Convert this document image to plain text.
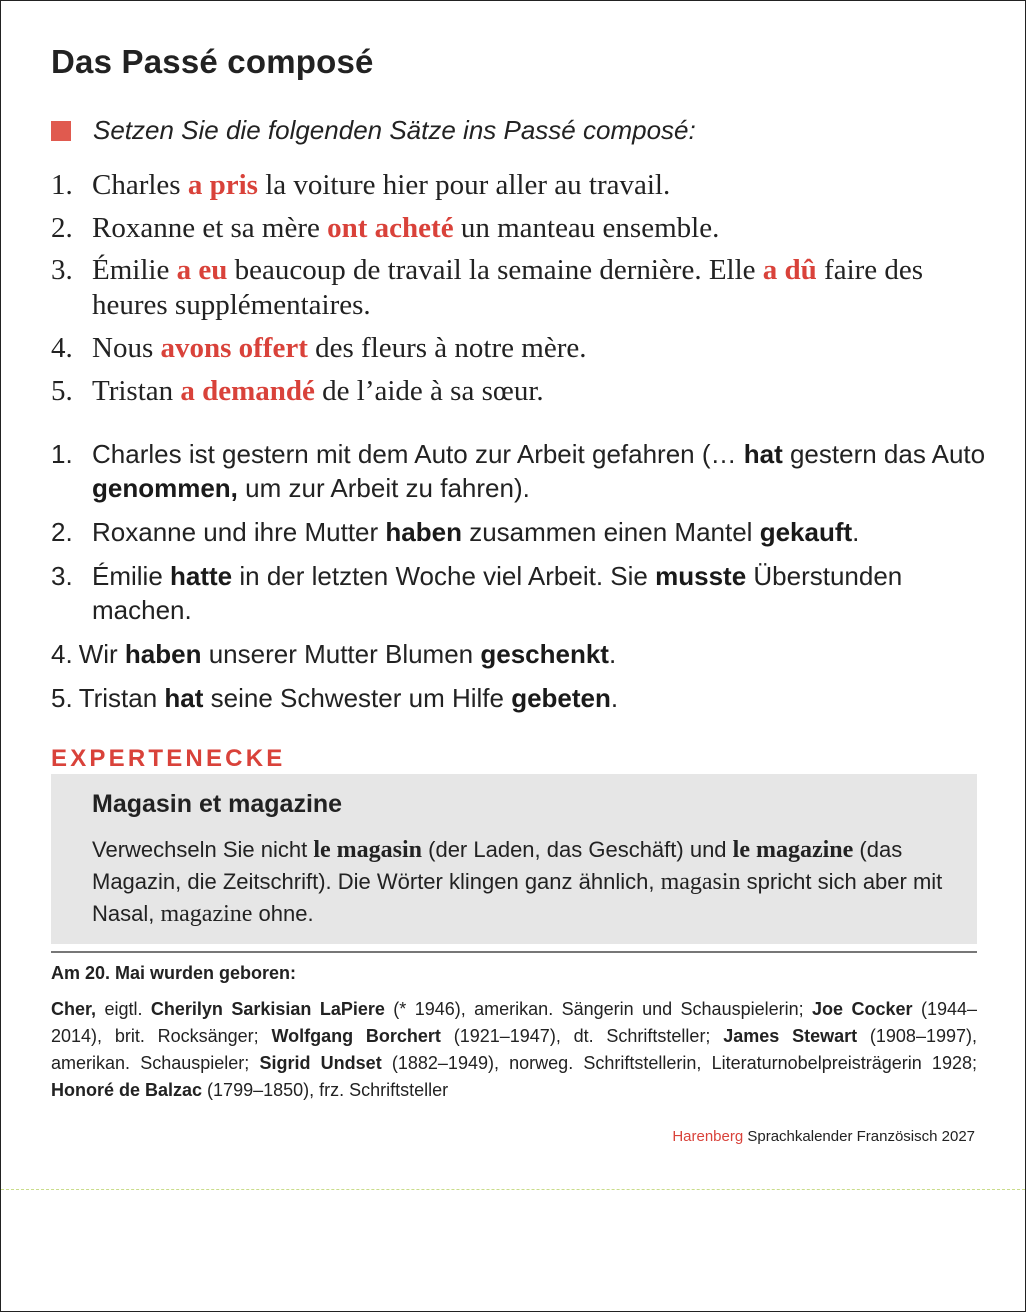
Das Passé composé
Setzen Sie die folgenden Sätze ins Passé composé:
1. Charles a pris la voiture hier pour aller au travail.
2. Roxanne et sa mère ont acheté un manteau ensemble.
3. Émilie a eu beaucoup de travail la semaine dernière. Elle a dû faire des heures supplémentaires.
4. Nous avons offert des fleurs à notre mère.
5. Tristan a demandé de l’aide à sa sœur.
1. Charles ist gestern mit dem Auto zur Arbeit gefahren (… hat gestern das Auto genommen, um zur Arbeit zu fahren).
2. Roxanne und ihre Mutter haben zusammen einen Mantel gekauft.
3. Émilie hatte in der letzten Woche viel Arbeit. Sie musste Überstunden machen.
4. Wir haben unserer Mutter Blumen geschenkt.
5. Tristan hat seine Schwester um Hilfe gebeten.
EXPERTENECKE
Magasin et magazine
Verwechseln Sie nicht le magasin (der Laden, das Geschäft) und le magazine (das Magazin, die Zeitschrift). Die Wörter klingen ganz ähnlich, magasin spricht sich aber mit Nasal, magazine ohne.
Am 20. Mai wurden geboren:
Cher, eigtl. Cherilyn Sarkisian LaPiere (* 1946), amerikan. Sängerin und Schauspielerin; Joe Cocker (1944–2014), brit. Rocksänger; Wolfgang Borchert (1921–1947), dt. Schriftsteller; James Stewart (1908–1997), amerikan. Schauspieler; Sigrid Undset (1882–1949), norweg. Schriftstellerin, Literaturnobelpreisträgerin 1928; Honoré de Balzac (1799–1850), frz. Schriftsteller
Harenberg Sprachkalender Französisch 2027
